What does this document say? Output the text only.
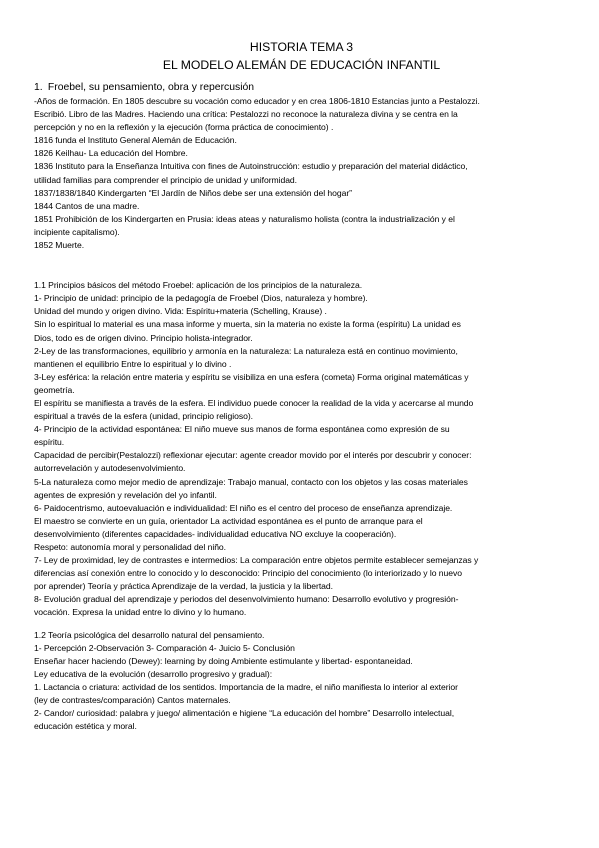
HISTORIA TEMA 3
EL MODELO ALEMÁN DE EDUCACIÓN INFANTIL
1. Froebel, su pensamiento, obra y repercusión

-Años de formación. En 1805 descubre su vocación como educador y en crea 1806-1810 Estancias junto a Pestalozzi.

Escribió. Libro de las Madres. Haciendo una crítica: Pestalozzi no reconoce la naturaleza divina y se centra en la

percepción y no en la reflexión y la ejecución (forma práctica de conocimiento) .

1816 funda el Instituto General Alemán de Educación.

1826 Keilhau- La educación del Hombre.

1836 Instituto para la Enseñanza Intuitiva con fines de Autoinstrucción: estudio y preparación del material didáctico,

utilidad familias para comprender el principio de unidad y uniformidad.

1837/1838/1840 Kindergarten “El Jardín de Niños debe ser una extensión del hogar”

1844 Cantos de una madre.

1851 Prohibición de los Kindergarten en Prusia: ideas ateas y naturalismo holista (contra la industrialización y el

incipiente capitalismo).

1852 Muerte.

1.1 Principios básicos del método Froebel: aplicación de los principios de la naturaleza.

1- Principio de unidad: principio de la pedagogía de Froebel (Dios, naturaleza y hombre).

Unidad del mundo y origen divino. Vida: Espíritu+materia (Schelling, Krause) .

Sin lo espiritual lo material es una masa informe y muerta, sin la materia no existe la forma (espíritu) La unidad es

Dios, todo es de origen divino. Principio holista-integrador.

2-Ley de las transformaciones, equilibrio y armonía en la naturaleza: La naturaleza está en continuo movimiento,

mantienen el equilibrio Entre lo espiritual y lo divino .

3-Ley esférica: la relación entre materia y espíritu se visibiliza en una esfera (cometa) Forma original matemáticas y

geometría.

El espíritu se manifiesta a través de la esfera. El individuo puede conocer la realidad de la vida y acercarse al mundo

espiritual a través de la esfera (unidad, principio religioso).

4- Principio de la actividad espontánea: El niño mueve sus manos de forma espontánea como expresión de su

espíritu.

Capacidad de percibir(Pestalozzi) reflexionar ejecutar: agente creador movido por el interés por descubrir y conocer:

autorrevelación y autodesenvolvimiento.

5-La naturaleza como mejor medio de aprendizaje: Trabajo manual, contacto con los objetos y las cosas materiales

agentes de expresión y revelación del yo infantil.

6- Paidocentrismo, autoevaluación e individualidad: El niño es el centro del proceso de enseñanza aprendizaje.

El maestro se convierte en un guía, orientador La actividad espontánea es el punto de arranque para el

desenvolvimiento (diferentes capacidades- individualidad educativa NO excluye la cooperación).

Respeto: autonomía moral y personalidad del niño.

7- Ley de proximidad, ley de contrastes e intermedios: La comparación entre objetos permite establecer semejanzas y

diferencias así conexión entre lo conocido y lo desconocido: Principio del conocimiento (lo interiorizado y lo nuevo

por aprender) Teoría y práctica Aprendizaje de la verdad, la justicia y la libertad.

8- Evolución gradual del aprendizaje y periodos del desenvolvimiento humano: Desarrollo evolutivo y progresión-

vocación. Expresa la unidad entre lo divino y lo humano.

1.2 Teoría psicológica del desarrollo natural del pensamiento.

1- Percepción 2-Observación 3- Comparación 4- Juicio 5- Conclusión

Enseñar hacer haciendo (Dewey): learning by doing Ambiente estimulante y libertad- espontaneidad.

Ley educativa de la evolución (desarrollo progresivo y gradual):

1. Lactancia o criatura: actividad de los sentidos. Importancia de la madre, el niño manifiesta lo interior al exterior

(ley de contrastes/comparación) Cantos maternales.

2- Candor/ curiosidad: palabra y juego/ alimentación e higiene “La educación del hombre” Desarrollo intelectual,

educación estética y moral.
